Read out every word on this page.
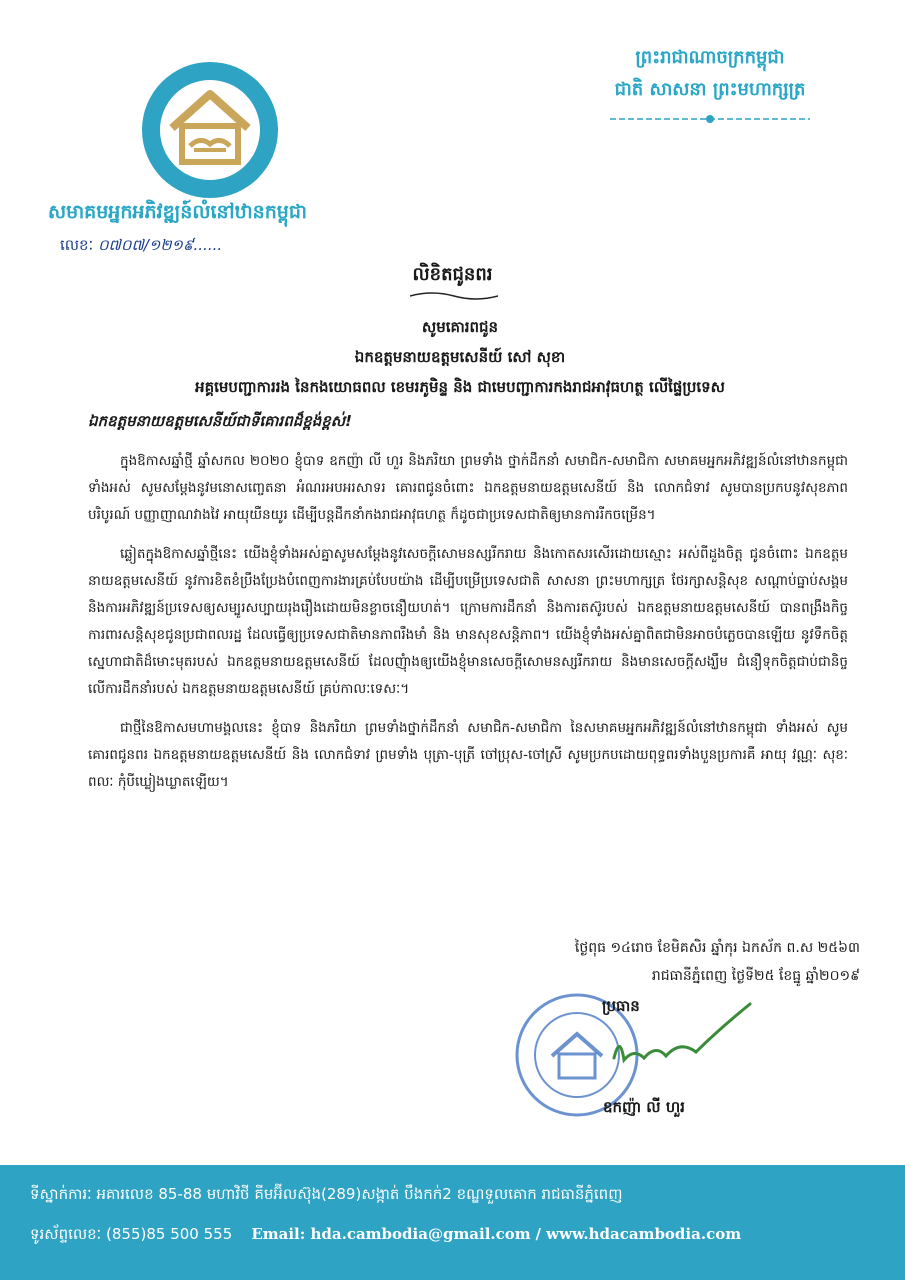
សមាគមអ្នកអភិវឌ្ឍន៍លំនៅឋានកម្ពុជា
លេខៈ ០៧០៧/១២១៩......
ព្រះរាជាណាចក្រកម្ពុជា
ជាតិ សាសនា ព្រះមហាក្សត្រ
លិខិតជូនពរ
សូមគោរពជូន
ឯកឧត្តមនាយឧត្តមសេនីយ៍ សៅ សុខា
អគ្គមេបញ្ជាការរង នៃកងយោធពល ខេមរភូមិន្ទ និង ជាមេបញ្ជាការកងរាជអាវុធហត្ថ លើផ្ទៃប្រទេស
ឯកឧត្តមនាយឧត្តមសេនីយ៍ជាទីគោរពដ៏ខ្ពង់ខ្ពស់!

ក្នុងឱកាសឆ្នាំថ្មី ឆ្នាំសកល ២០២០ ខ្ញុំបាទ ឧកញ៉ា លី ហួរ និងភរិយា ព្រមទាំង ថ្នាក់ដឹកនាំ សមាជិក-សមាជិកា សមាគមអ្នកអភិវឌ្ឍន៍លំនៅឋានកម្ពុជា ទាំងអស់ សូមសម្តែងនូវមនោសញ្ចេតនា អំណរអបអរសាទរ គោរពជូនចំពោះ ឯកឧត្តមនាយឧត្តមសេនីយ៍ និង លោកជំទាវ សូមបានប្រកបនូវសុខភាពបរិបូរណ៍ បញ្ញាញាណវាងវៃ អាយុយឺនយូរ ដើម្បីបន្តដឹកនាំកងរាជអាវុធហត្ថ ក៏ដូចជាប្រទេសជាតិឲ្យមានការរីកចម្រើន។

ឆ្លៀតក្នុងឱកាសឆ្នាំថ្មីនេះ យើងខ្ញុំទាំងអស់គ្នាសូមសម្តែងនូវសេចក្តីសោមនស្សរីករាយ និងកោតសរសើរដោយស្មោះ អស់ពីដួងចិត្ត ជូនចំពោះ ឯកឧត្តមនាយឧត្តមសេនីយ៍ នូវការខិតខំប្រឹងប្រែងបំពេញការងារគ្រប់បែបយ៉ាង ដើម្បីបម្រើប្រទេសជាតិ សាសនា ព្រះមហាក្សត្រ ថែរក្សាសន្តិសុខ សណ្តាប់ធ្នាប់សង្គម និងការអភិវឌ្ឍន៍ប្រទេសឲ្យសម្បូរសប្បាយរុងរឿងដោយមិនខ្លាចនឿយហត់។ ក្រោមការដឹកនាំ និងការតស៊ូរបស់ ឯកឧត្តមនាយឧត្តមសេនីយ៍ បានពង្រឹងកិច្ចការពារសន្តិសុខជូនប្រជាពលរដ្ឋ ដែលធ្វើឲ្យប្រទេសជាតិមានភាពរឹងមាំ និង មានសុខសន្តិភាព។ យើងខ្ញុំទាំងអស់គ្នាពិតជាមិនអាចបំភ្លេចបានឡើយ នូវទឹកចិត្តស្នេហាជាតិដ៏មោះមុតរបស់ ឯកឧត្តមនាយឧត្តមសេនីយ៍ ដែលញុំាងឲ្យយើងខ្ញុំមានសេចក្តីសោមនស្សរីករាយ និងមានសេចក្តីសង្ឃឹម ជំនឿទុកចិត្តជាប់ជានិច្ច លើការដឹកនាំរបស់ ឯកឧត្តមនាយឧត្តមសេនីយ៍ គ្រប់កាលៈទេសៈ។

ជាថ្មីនៃឱកាសមហាមង្គលនេះ ខ្ញុំបាទ និងភរិយា ព្រមទាំងថ្នាក់ដឹកនាំ សមាជិក-សមាជិកា នៃសមាគមអ្នកអភិវឌ្ឍន៍លំនៅឋានកម្ពុជា ទាំងអស់ សូមគោរពជូនពរ ឯកឧត្តមនាយឧត្តមសេនីយ៍ និង លោកជំទាវ ព្រមទាំង បុត្រា-បុត្រី ចៅប្រុស-ចៅស្រី សូមប្រកបដោយពុទ្ធពរទាំងបួនប្រការគឺ អាយុ វណ្ណៈ សុខៈ ពលៈ កុំបីឃ្លៀងឃ្លាតឡើយ។

ថ្ងៃពុធ ១៤រោច ខែមិគសិរ ឆ្នាំកុរ ឯកស័ក ព.ស ២៥៦៣
រាជធានីភ្នំពេញ ថ្ងៃទី២៥ ខែធ្នូ ឆ្នាំ២០១៩
ប្រធាន
ឧកញ៉ា លី ហួរ
ទីស្នាក់ការៈ អគារលេខ 85-88 មហាវិថី គីមអ៊ីលស៊ុង(289)សង្កាត់ បឹងកក់2 ខណ្ឌទួលគោក រាជធានីភ្នំពេញ
ទូរស័ព្ទលេខៈ (855)85 500 555 Email: hda.cambodia@gmail.com / www.hdacambodia.com
